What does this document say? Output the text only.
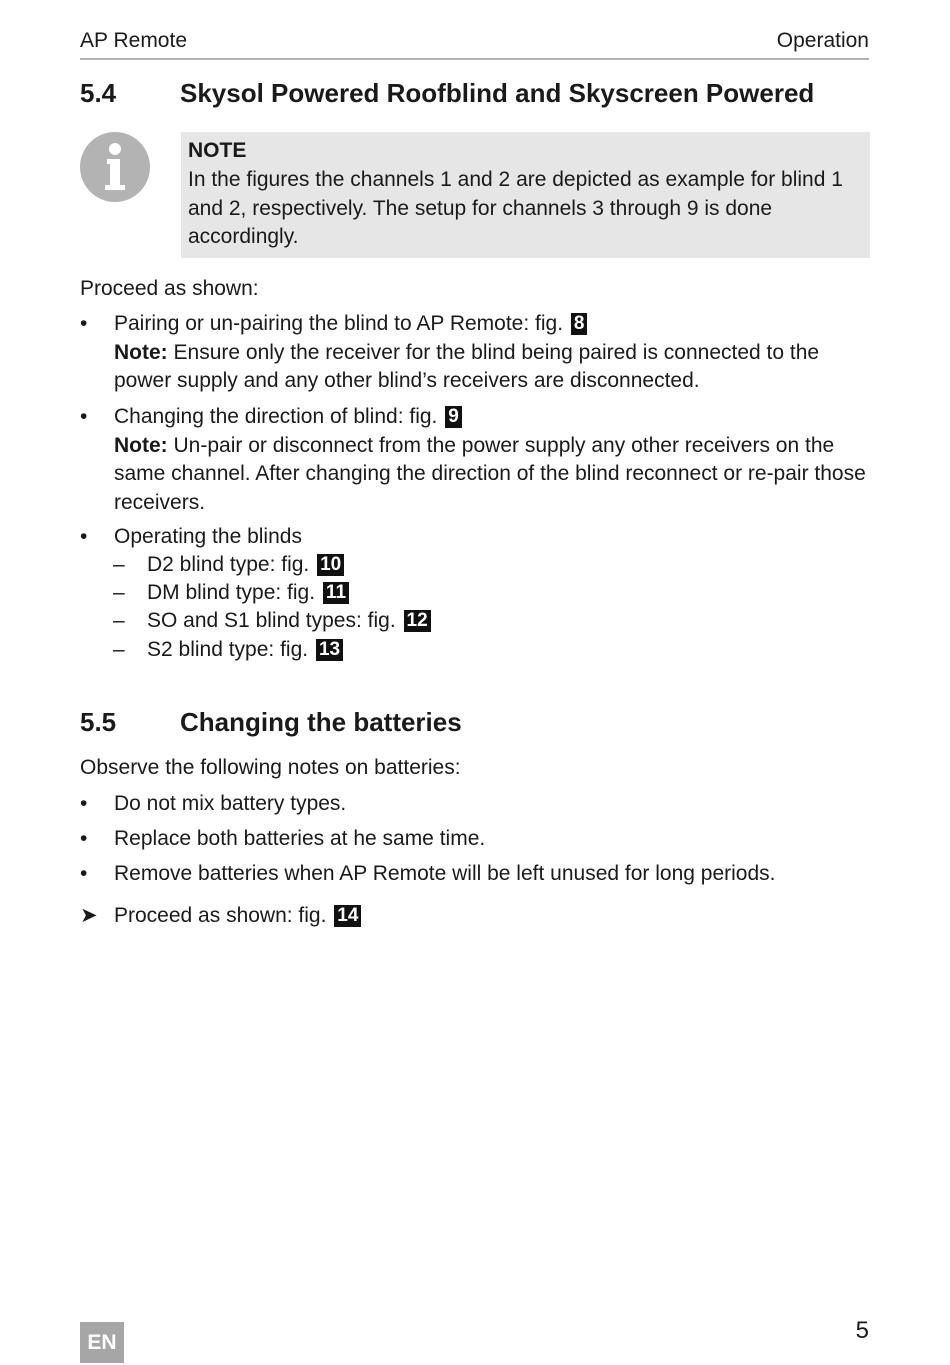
AP Remote	Operation
5.4 Skysol Powered Roofblind and Skyscreen Powered
NOTE
In the figures the channels 1 and 2 are depicted as example for blind 1 and 2, respectively. The setup for channels 3 through 9 is done accordingly.
Proceed as shown:
• Pairing or un-pairing the blind to AP Remote: fig. 8
Note: Ensure only the receiver for the blind being paired is connected to the power supply and any other blind’s receivers are disconnected.
• Changing the direction of blind: fig. 9
Note: Un-pair or disconnect from the power supply any other receivers on the same channel. After changing the direction of the blind reconnect or re-pair those receivers.
• Operating the blinds
– D2 blind type: fig. 10
– DM blind type: fig. 11
– SO and S1 blind types: fig. 12
– S2 blind type: fig. 13
5.5 Changing the batteries
Observe the following notes on batteries:
• Do not mix battery types.
• Replace both batteries at he same time.
• Remove batteries when AP Remote will be left unused for long periods.
➤ Proceed as shown: fig. 14
EN	5
